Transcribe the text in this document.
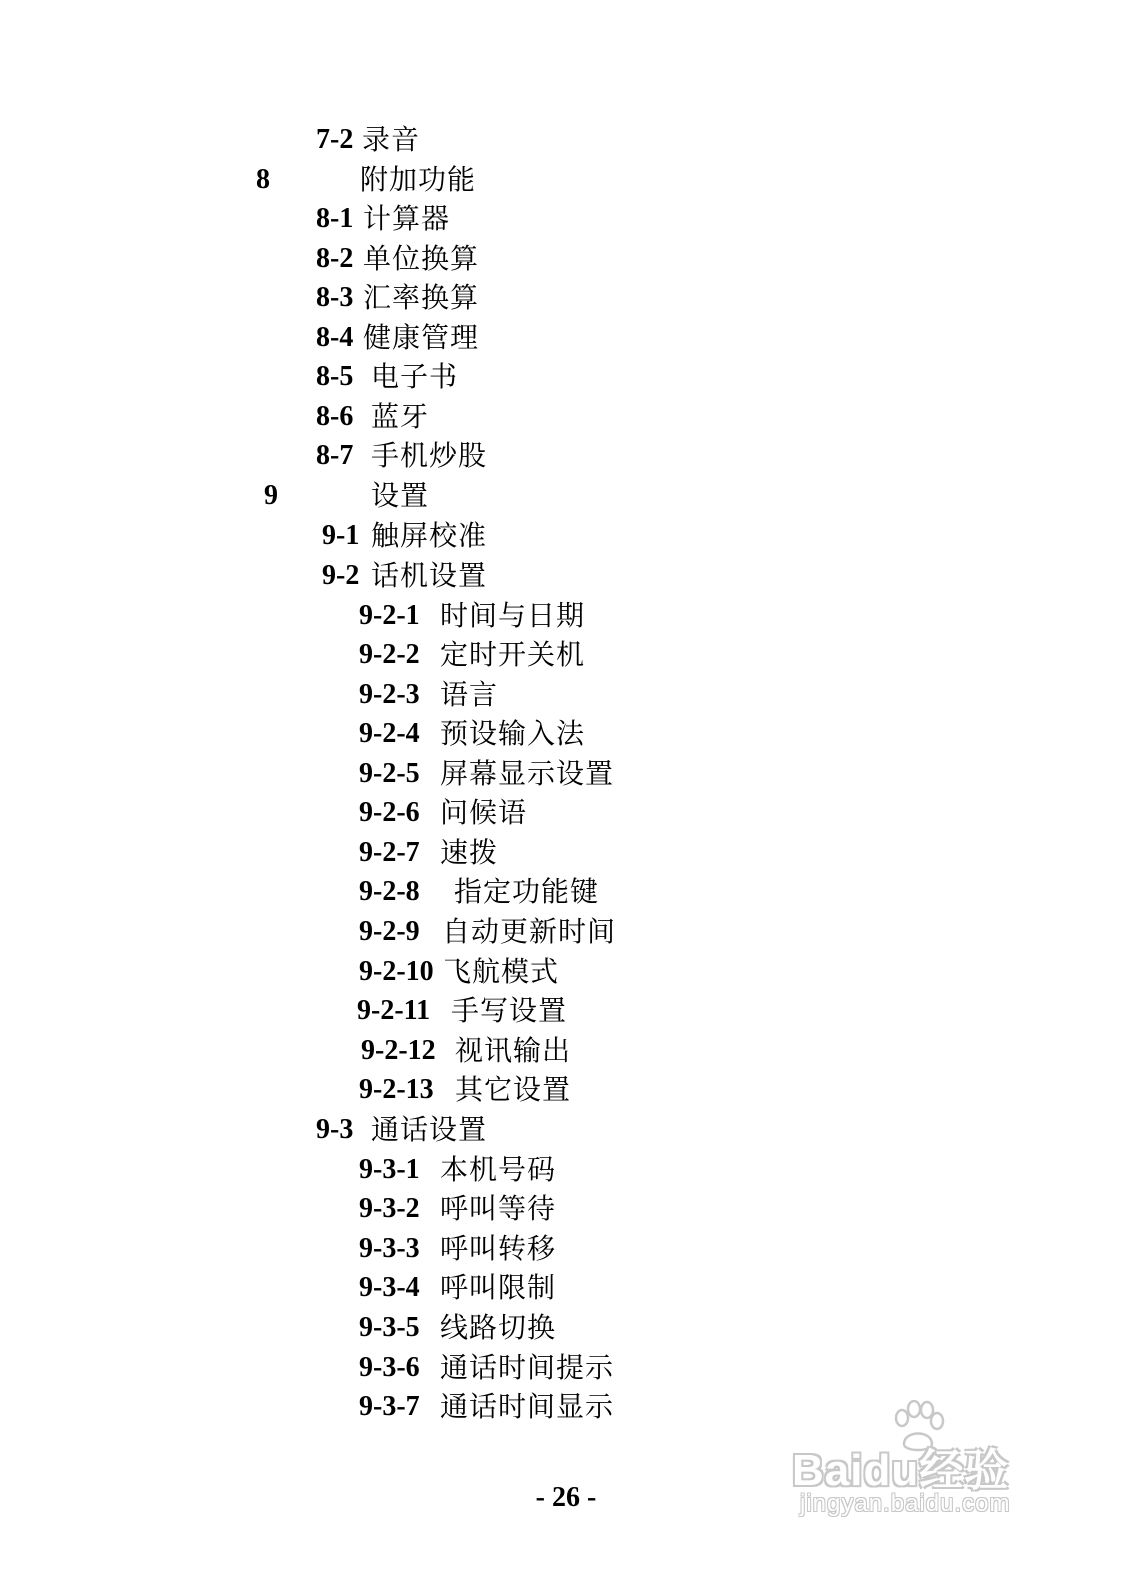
7-2 录音
8	附加功能
8-1 计算器
8-2 单位换算
8-3 汇率换算
8-4 健康管理
8-5 电子书
8-6 蓝牙
8-7 手机炒股
9	设置
9-1 触屏校准
9-2 话机设置
9-2-1 时间与日期
9-2-2 定时开关机
9-2-3 语言
9-2-4 预设输入法
9-2-5 屏幕显示设置
9-2-6 问候语
9-2-7 速拨
9-2-8 指定功能键
9-2-9 自动更新时间
9-2-10 飞航模式
9-2-11 手写设置
9-2-12 视讯输出
9-2-13 其它设置
9-3 通话设置
9-3-1 本机号码
9-3-2 呼叫等待
9-3-3 呼叫转移
9-3-4 呼叫限制
9-3-5 线路切换
9-3-6 通话时间提示
9-3-7 通话时间显示
- 26 -
Baidu经验
jingyan.baidu.com
